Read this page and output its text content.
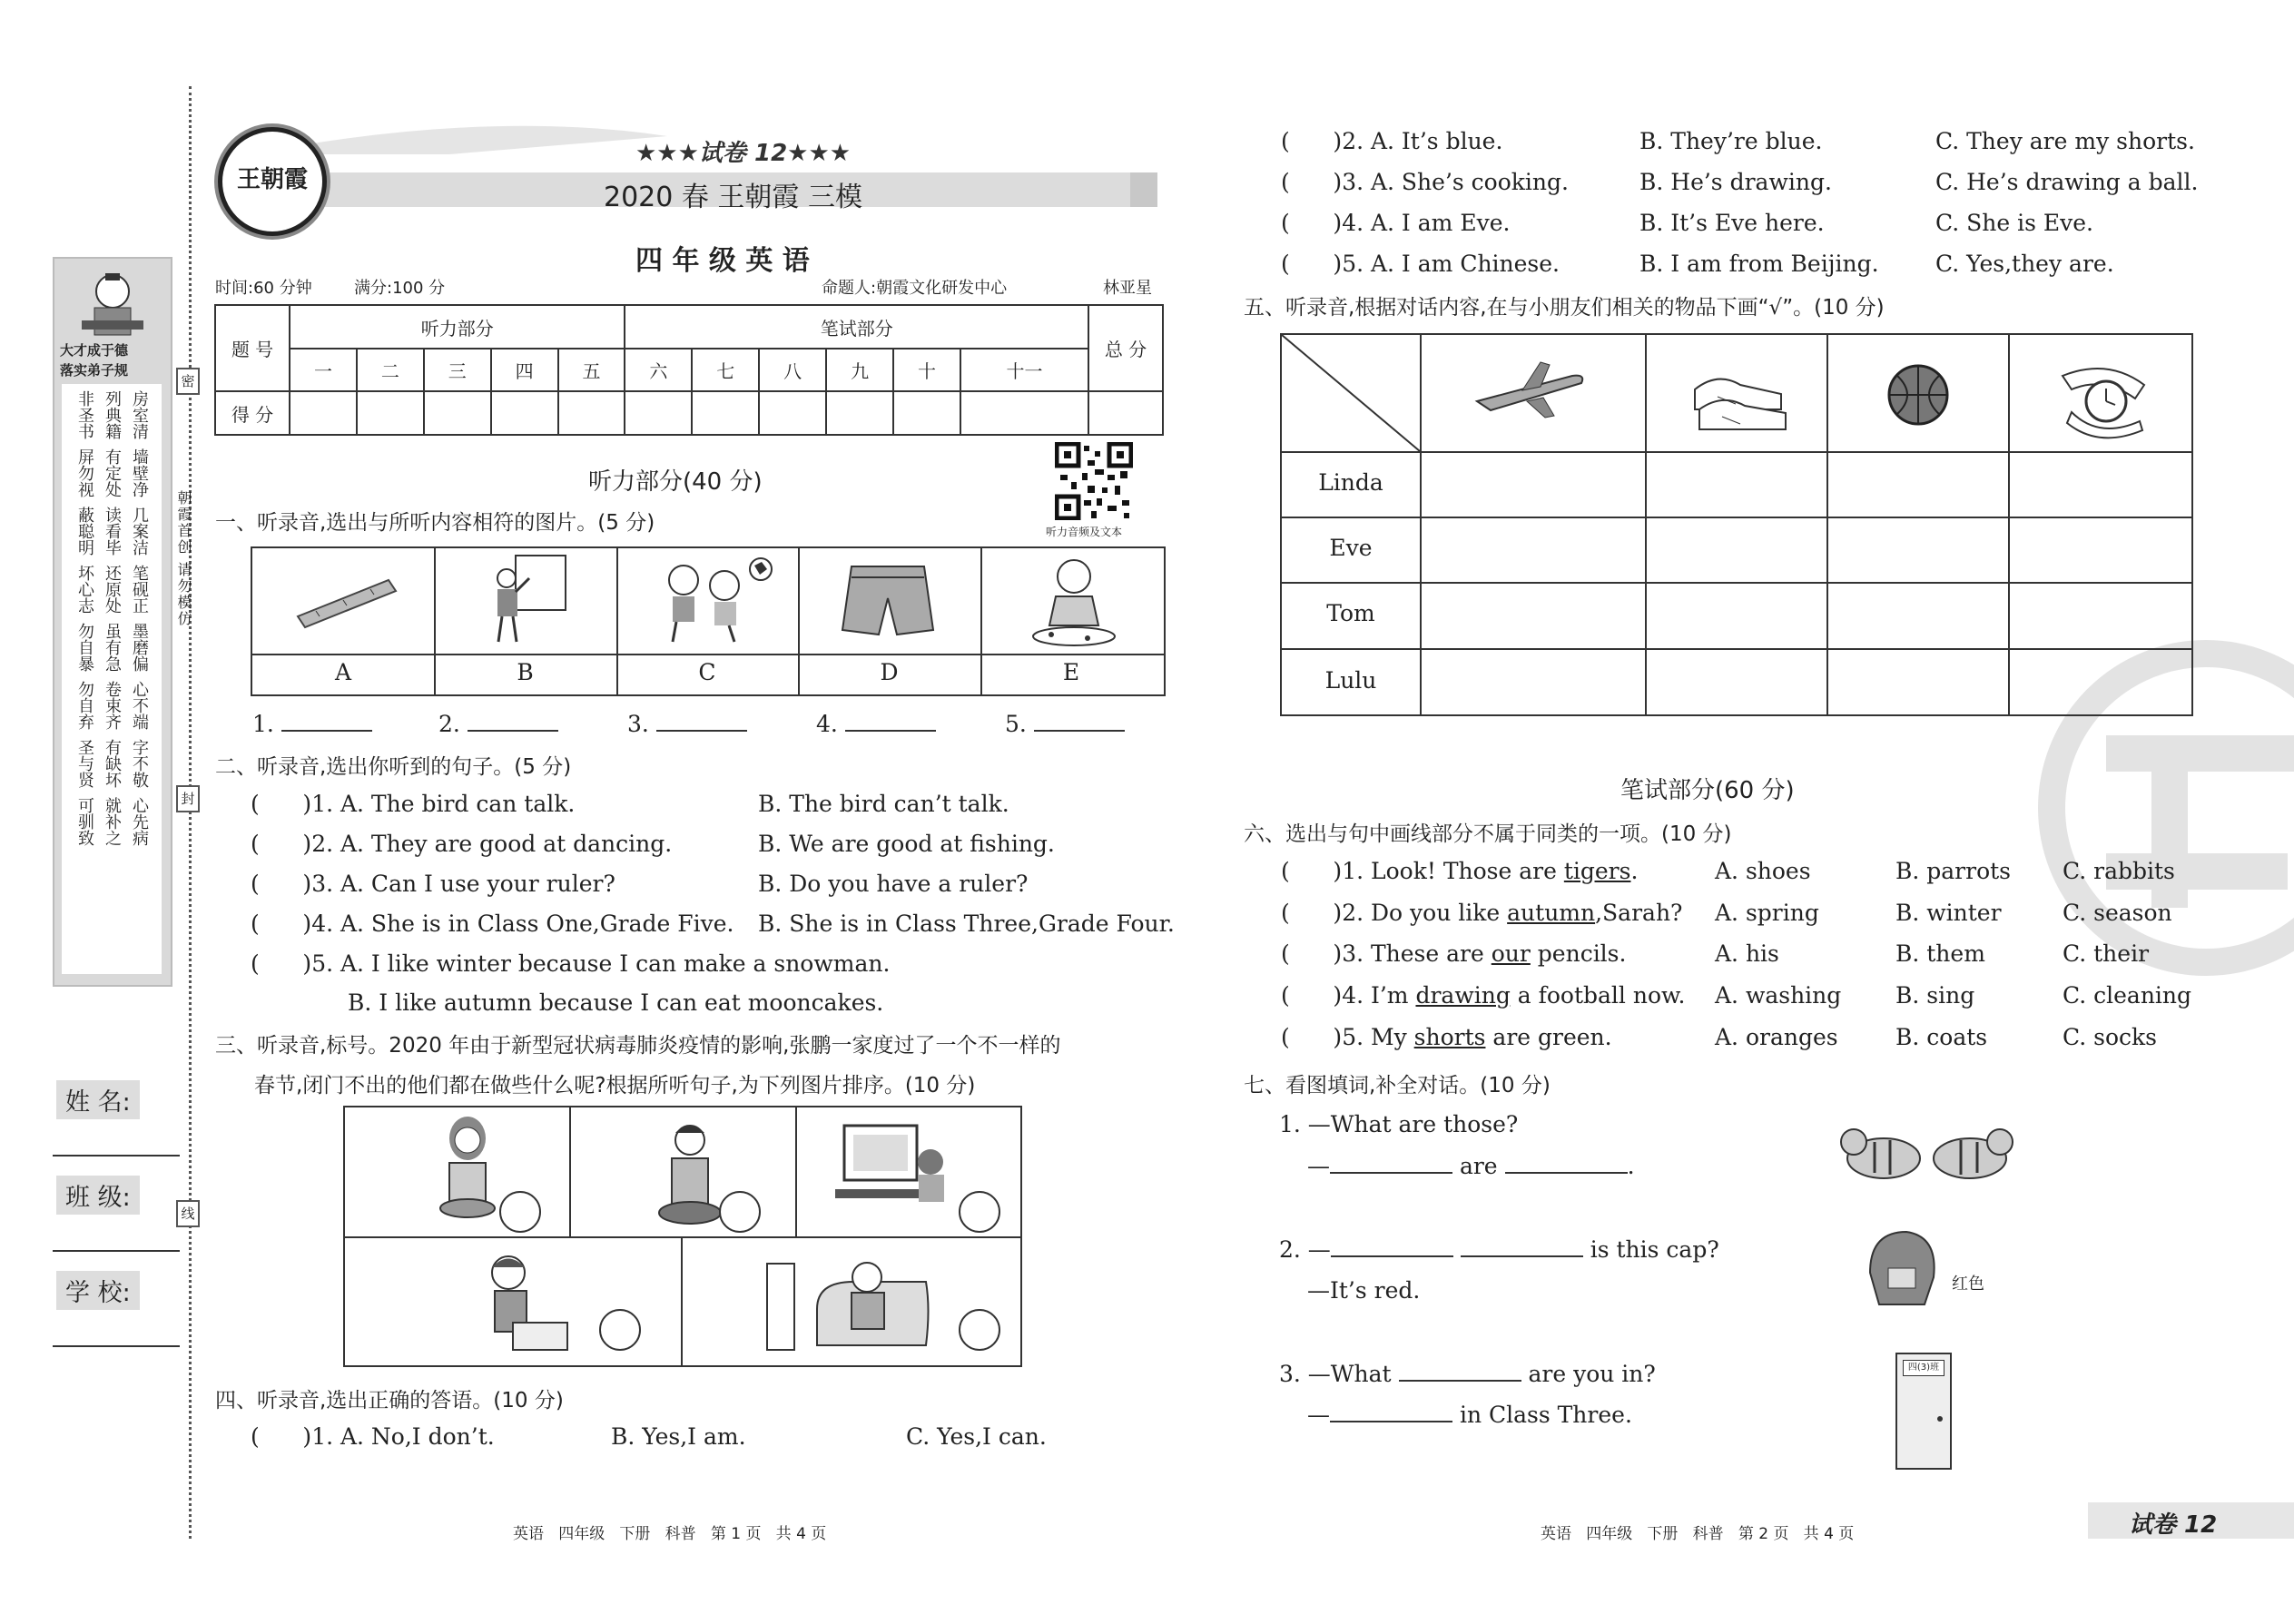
大才成于德
落实弟子规
非圣书 列典籍 房室清
屏勿视 有定处 墙壁净
蔽聪明 读看毕 几案洁
坏心志 还原处 笔砚正
勿自暴 虽有急 墨磨偏
勿自弃 卷束齐 心不端
圣与贤 有缺坏 字不敬
可驯致 就补之 心先病
朝霞首创 请勿模仿
密
封
线
姓 名:
班 级:
学 校:
王朝霞
★★★试卷 12★★★
2020 春 王朝霞 三模
四 年 级 英 语
时间:60 分钟	满分:100 分	命题人:朝霞文化研发中心	林亚星
题 号	听力部分					笔试部分						总 分
	一	二	三	四	五	六	七	八	九	十	十一	
得 分												
听力音频及文本
听力部分(40 分)
一、听录音,选出与所听内容相符的图片。(5 分)
A	B	C	D	E
1.	2.	3.	4.	5.
二、听录音,选出你听到的句子。(5 分)
(      )1. A. The bird can talk.	B. The bird can’t talk.
(      )2. A. They are good at dancing.	B. We are good at fishing.
(      )3. A. Can I use your ruler?	B. Do you have a ruler?
(      )4. A. She is in Class One,Grade Five. B. She is in Class Three,Grade Four.
(      )5. A. I like winter because I can make a snowman.
B. I like autumn because I can eat mooncakes.
三、听录音,标号。2020 年由于新型冠状病毒肺炎疫情的影响,张鹏一家度过了一个不一样的
春节,闭门不出的他们都在做些什么呢?根据所听句子,为下列图片排序。(10 分)
四、听录音,选出正确的答语。(10 分)
(      )1. A. No,I don’t.	B. Yes,I am.	C. Yes,I can.
(      )2. A. It’s blue.	B. They’re blue.	C. They are my shorts.
(      )3. A. She’s cooking.	B. He’s drawing.	C. He’s drawing a ball.
(      )4. A. I am Eve.	B. It’s Eve here.	C. She is Eve.
(      )5. A. I am Chinese.	B. I am from Beijing. C. Yes,they are.
五、听录音,根据对话内容,在与小朋友们相关的物品下画“√”。(10 分)
Linda
Eve
Tom
Lulu
笔试部分(60 分)
六、选出与句中画线部分不属于同类的一项。(10 分)
(      )1. Look! Those are tigers.	A. shoes	B. parrots C. rabbits
(      )2. Do you like autumn,Sarah? A. spring	B. winter	C. season
(      )3. These are our pencils.	A. his	B. them	C. their
(      )4. I’m drawing a football now. A. washing B. sing	C. cleaning
(      )5. My shorts are green.	A. oranges	B. coats	C. socks
七、看图填词,补全对话。(10 分)
1. —What are those?
—	are	.
2. —	is this cap?
—It’s red.	红色
3. —What	are you in?
—	in Class Three.
四(3)班
英语   四年级   下册   科普   第 1 页   共 4 页	英语   四年级   下册   科普   第 2 页   共 4 页	试卷 12
